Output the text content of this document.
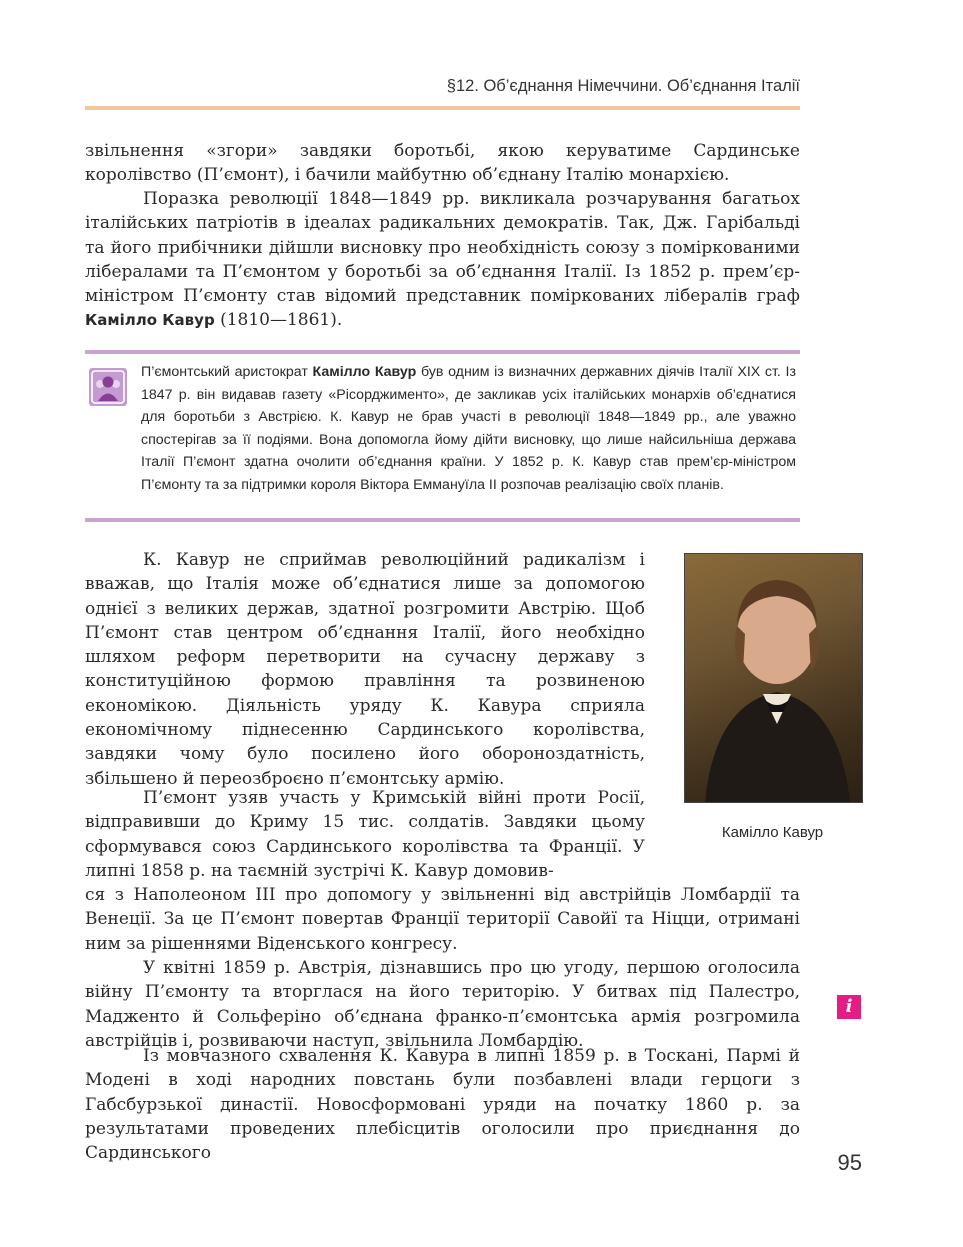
§12. Об’єднання Німеччини. Об’єднання Італії

звільнення «згори» завдяки боротьбі, якою керуватиме Сардинське королівство (П’ємонт), і бачили майбутню об’єднану Італію монархією.

Поразка революції 1848—1849 рр. викликала розчарування багатьох італійських патріотів в ідеалах радикальних демократів. Так, Дж. Гарібальді та його прибічники дійшли висновку про необхідність союзу з поміркованими лібералами та П’ємонтом у боротьбі за об’єднання Італії. Із 1852 р. прем’єр-міністром П’ємонту став відомий представник поміркованих лібералів граф Камілло Кавур (1810—1861).

П’ємонтський аристократ Камілло Кавур був одним із визначних державних діячів Італії XIX ст. Із 1847 р. він видавав газету «Рісорджименто», де закликав усіх італійських монархів об’єднатися для боротьби з Австрією. К. Кавур не брав участі в революції 1848—1849 рр., але уважно спостерігав за її подіями. Вона допомогла йому дійти висновку, що лише найсильніша держава Італії П’ємонт здатна очолити об’єднання країни. У 1852 р. К. Кавур став прем’єр-міністром П’ємонту та за підтримки короля Віктора Еммануїла ІІ розпочав реалізацію своїх планів.

К. Кавур не сприймав революційний радикалізм і вважав, що Італія може об’єднатися лише за допомогою однієї з великих держав, здатної розгромити Австрію. Щоб П’ємонт став центром об’єднання Італії, його необхідно шляхом реформ перетворити на сучасну державу з конституційною формою правління та розвиненою економікою. Діяльність уряду К. Кавура сприяла економічному піднесенню Сардинського королівства, завдяки чому було посилено його обороноздатність, збільшено й переозброєно п’ємонтську армію.

П’ємонт узяв участь у Кримській війні проти Росії, відправивши до Криму 15 тис. солдатів. Завдяки цьому сформувався союз Сардинського королівства та Франції. У липні 1858 р. на таємній зустрічі К. Кавур домовив-

Камілло Кавур

ся з Наполеоном ІІІ про допомогу у звільненні від австрійців Ломбардії та Венеції. За це П’ємонт повертав Франції території Савойї та Ніцци, отримані ним за рішеннями Віденського конгресу.

У квітні 1859 р. Австрія, дізнавшись про цю угоду, першою оголосила війну П’ємонту та вторглася на його територію. У битвах під Палестро, Мадженто й Сольферіно об’єднана франко-п’ємонтська армія розгромила австрійців і, розвиваючи наступ, звільнила Ломбардію.

Із мовчазного схвалення К. Кавура в липні 1859 р. в Тоскані, Пармі й Модені в ході народних повстань були позбавлені влади герцоги з Габсбурзької династії. Новосформовані уряди на початку 1860 р. за результатами проведених плебісцитів оголосили про приєднання до Сардинського

i
95
